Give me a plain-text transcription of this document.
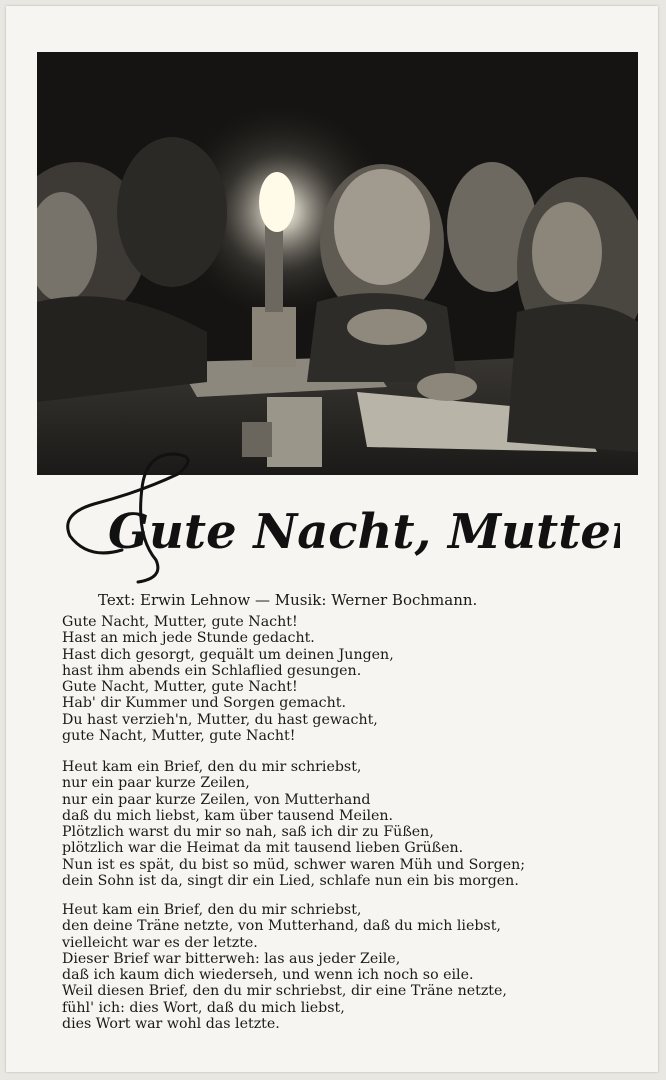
Gute Nacht, Mutter!
Text: Erwin Lehnow — Musik: Werner Bochmann.
Gute Nacht, Mutter, gute Nacht!
Hast an mich jede Stunde gedacht.
Hast dich gesorgt, gequält um deinen Jungen,
hast ihm abends ein Schlaflied gesungen.
Gute Nacht, Mutter, gute Nacht!
Hab' dir Kummer und Sorgen gemacht.
Du hast verzieh'n, Mutter, du hast gewacht,
gute Nacht, Mutter, gute Nacht!
Heut kam ein Brief, den du mir schriebst,
nur ein paar kurze Zeilen,
nur ein paar kurze Zeilen, von Mutterhand
daß du mich liebst, kam über tausend Meilen.
Plötzlich warst du mir so nah, saß ich dir zu Füßen,
plötzlich war die Heimat da mit tausend lieben Grüßen.
Nun ist es spät, du bist so müd, schwer waren Müh und Sorgen;
dein Sohn ist da, singt dir ein Lied, schlafe nun ein bis morgen.
Heut kam ein Brief, den du mir schriebst,
den deine Träne netzte, von Mutterhand, daß du mich liebst,
vielleicht war es der letzte.
Dieser Brief war bitterweh: las aus jeder Zeile,
daß ich kaum dich wiederseh, und wenn ich noch so eile.
Weil diesen Brief, den du mir schriebst, dir eine Träne netzte,
fühl' ich: dies Wort, daß du mich liebst,
dies Wort war wohl das letzte.
